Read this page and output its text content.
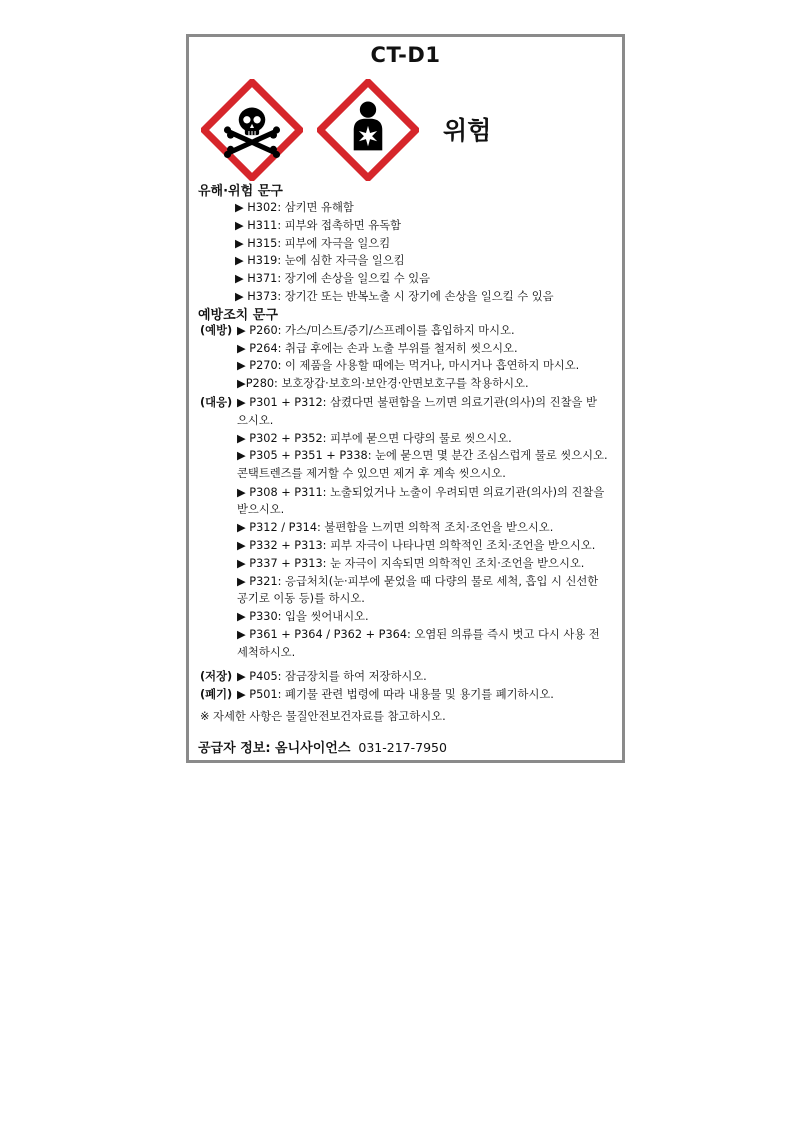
CT-D1
위험
유해·위험 문구
▶ H302: 삼키면 유해함
▶ H311: 피부와 접촉하면 유독함
▶ H315: 피부에 자극을 일으킴
▶ H319: 눈에 심한 자극을 일으킴
▶ H371: 장기에 손상을 일으킬 수 있음
▶ H373: 장기간 또는 반복노출 시 장기에 손상을 일으킬 수 있음
예방조치 문구
(예방) ▶ P260: 가스/미스트/증기/스프레이를 흡입하지 마시오.
▶ P264: 취급 후에는 손과 노출 부위를 철저히 씻으시오.
▶ P270: 이 제품을 사용할 때에는 먹거나, 마시거나 흡연하지 마시오.
▶P280: 보호장갑·보호의·보안경·안면보호구를 착용하시오.
(대응) ▶ P301 + P312: 삼켰다면 불편함을 느끼면 의료기관(의사)의 진찰을 받
으시오.
▶ P302 + P352: 피부에 묻으면 다량의 물로 씻으시오.
▶ P305 + P351 + P338: 눈에 묻으면 몇 분간 조심스럽게 물로 씻으시오.
콘택트렌즈를 제거할 수 있으면 제거 후 계속 씻으시오.
▶ P308 + P311: 노출되었거나 노출이 우려되면 의료기관(의사)의 진찰을
받으시오.
▶ P312 / P314: 불편함을 느끼면 의학적 조치·조언을 받으시오.
▶ P332 + P313: 피부 자극이 나타나면 의학적인 조치·조언을 받으시오.
▶ P337 + P313: 눈 자극이 지속되면 의학적인 조치·조언을 받으시오.
▶ P321: 응급처치(눈·피부에 묻었을 때 다량의 물로 세척, 흡입 시 신선한
공기로 이동 등)를 하시오.
▶ P330: 입을 씻어내시오.
▶ P361 + P364 / P362 + P364: 오염된 의류를 즉시 벗고 다시 사용 전
세척하시오.
(저장) ▶ P405: 잠금장치를 하여 저장하시오.
(폐기) ▶ P501: 폐기물 관련 법령에 따라 내용물 및 용기를 폐기하시오.
※ 자세한 사항은 물질안전보건자료를 참고하시오.
공급자 정보: 옴니사이언스 031-217-7950
